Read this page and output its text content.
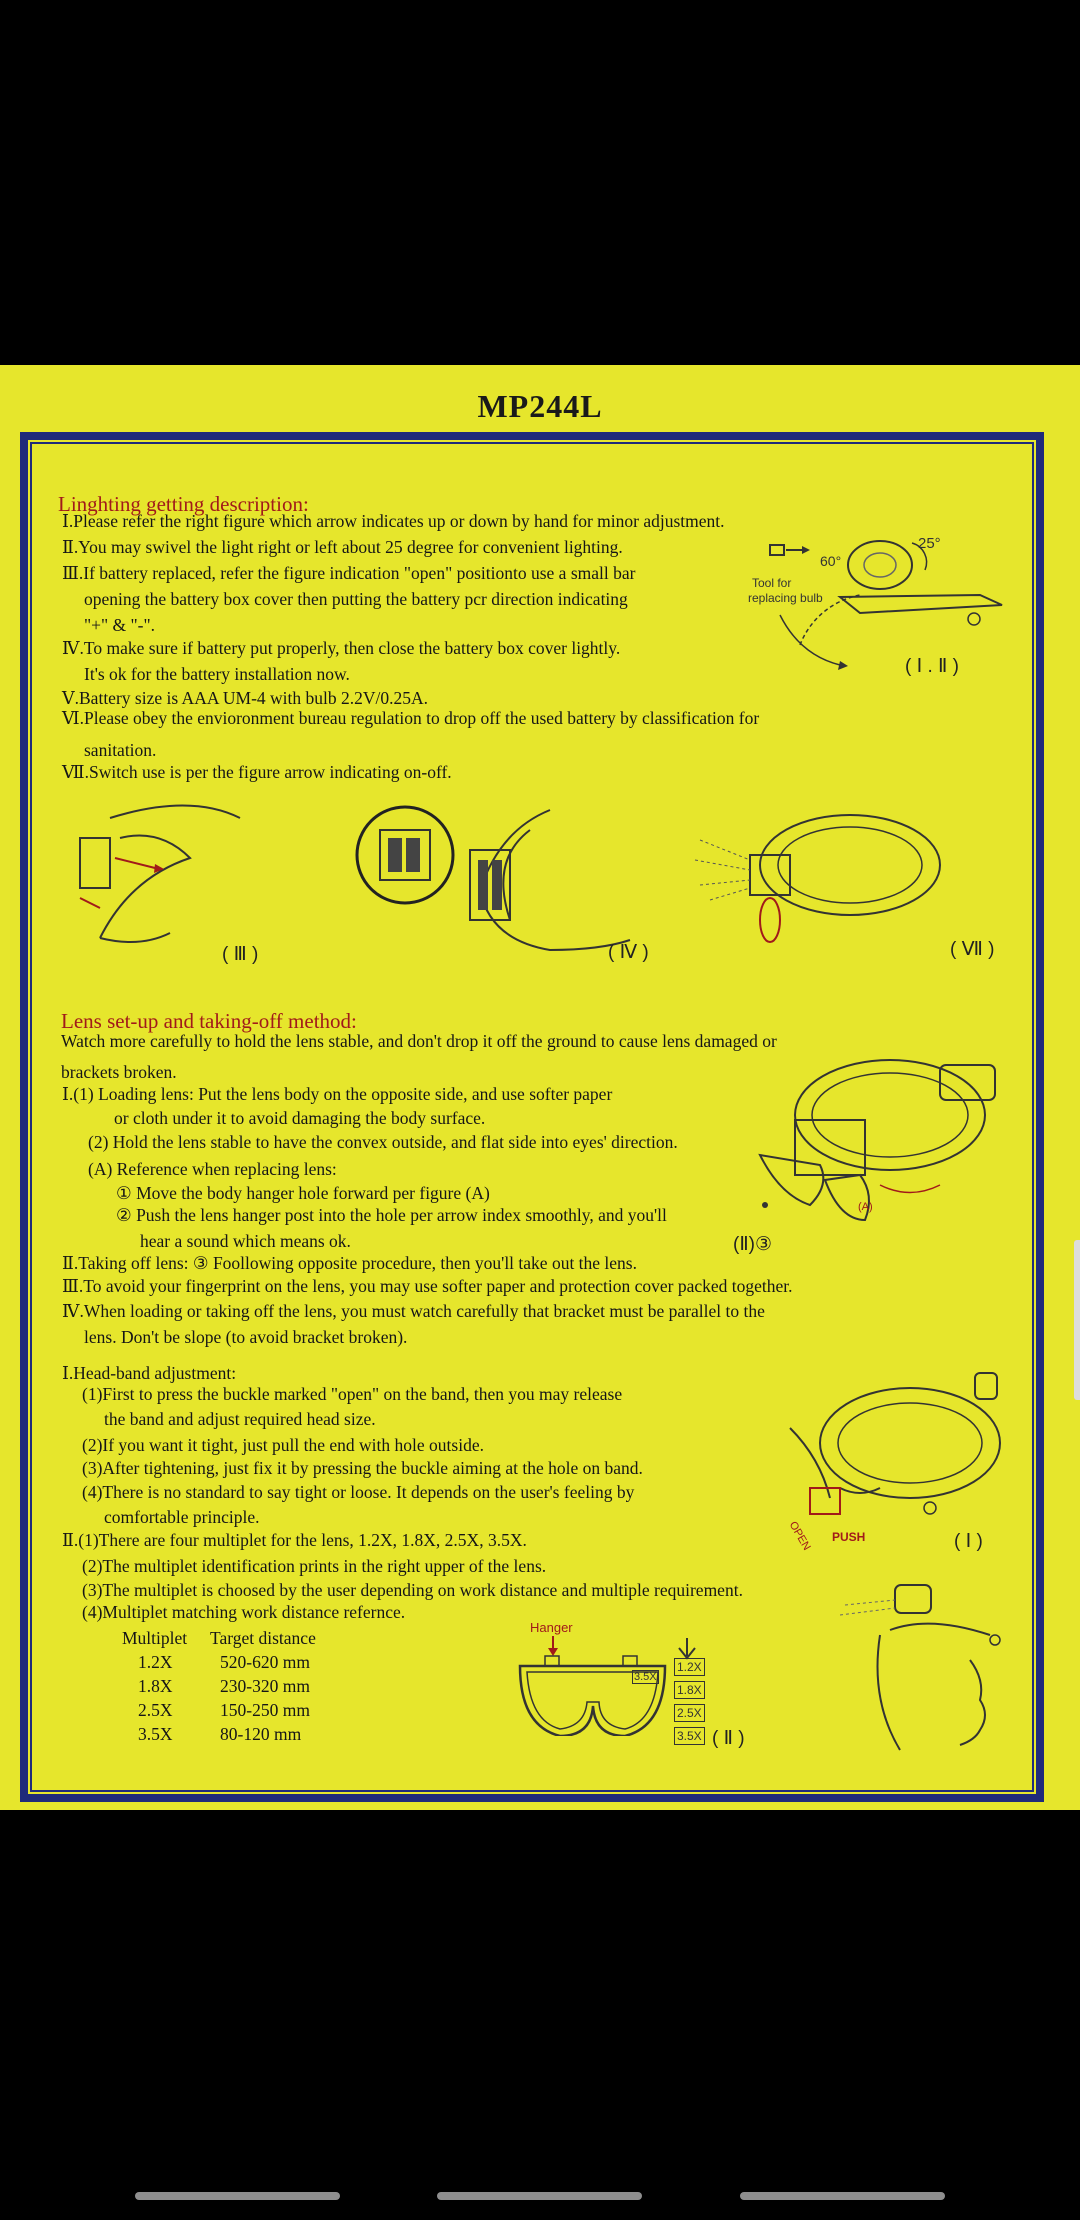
MP244L
Linghting getting description:
Ⅰ.Please refer the right figure which arrow indicates up or down by hand for minor adjustment.
Ⅱ.You may swivel the light right or left about 25 degree for convenient lighting.
Ⅲ.If battery replaced, refer the figure indication "open" positionto use a small bar
opening the battery box cover then putting the battery pcr direction indicating
"+" & "-".
Ⅳ.To make sure if battery put properly, then close the battery box cover lightly.
It's ok for the battery installation now.
Ⅴ.Battery size is AAA UM-4 with bulb 2.2V/0.25A.
Ⅵ.Please obey the envioronment bureau regulation to drop off the used battery by classification for
sanitation.
Ⅶ.Switch use is per the figure arrow indicating on-off.
60°
25°
Tool for
replacing bulb
( Ⅰ . Ⅱ )
( Ⅲ )	( Ⅳ )	( Ⅶ )
Lens set-up and taking-off method:
Watch more carefully to hold the lens stable, and don't drop it off the ground to cause lens damaged or
brackets broken.
Ⅰ.(1) Loading lens: Put the lens body on the opposite side, and use softer paper
or cloth under it to avoid damaging the body surface.
(2) Hold the lens stable to have the convex outside, and flat side into eyes' direction.
(A) Reference when replacing lens:
① Move the body hanger hole forward per figure (A)
② Push the lens hanger post into the hole per arrow index smoothly, and you'll
hear a sound which means ok.
Ⅱ.Taking off lens: ③ Foollowing opposite procedure, then you'll take out the lens.
Ⅲ.To avoid your fingerprint on the lens, you may use softer paper and protection cover packed together.
Ⅳ.When loading or taking off the lens, you must watch carefully that bracket must be parallel to the
lens. Don't be slope (to avoid bracket broken).
(A)
(Ⅱ)③
Ⅰ.Head-band adjustment:
(1)First to press the buckle marked "open" on the band, then you may release
the band and adjust required head size.
(2)If you want it tight, just pull the end with hole outside.
(3)After tightening, just fix it by pressing the buckle aiming at the hole on band.
(4)There is no standard to say tight or loose. It depends on the user's feeling by
comfortable principle.
Ⅱ.(1)There are four multiplet for the lens, 1.2X, 1.8X, 2.5X, 3.5X.
(2)The multiplet identification prints in the right upper of the lens.
(3)The multiplet is choosed by the user depending on work distance and multiple requirement.
(4)Multiplet matching work distance refernce.
OPEN PUSH	( Ⅰ )
Multiplet	Target distance
1.2X	520-620 mm
1.8X	230-320 mm
2.5X	150-250 mm
3.5X	80-120 mm
Hanger
3.5X
1.2X
1.8X
2.5X
3.5X ( Ⅱ )
